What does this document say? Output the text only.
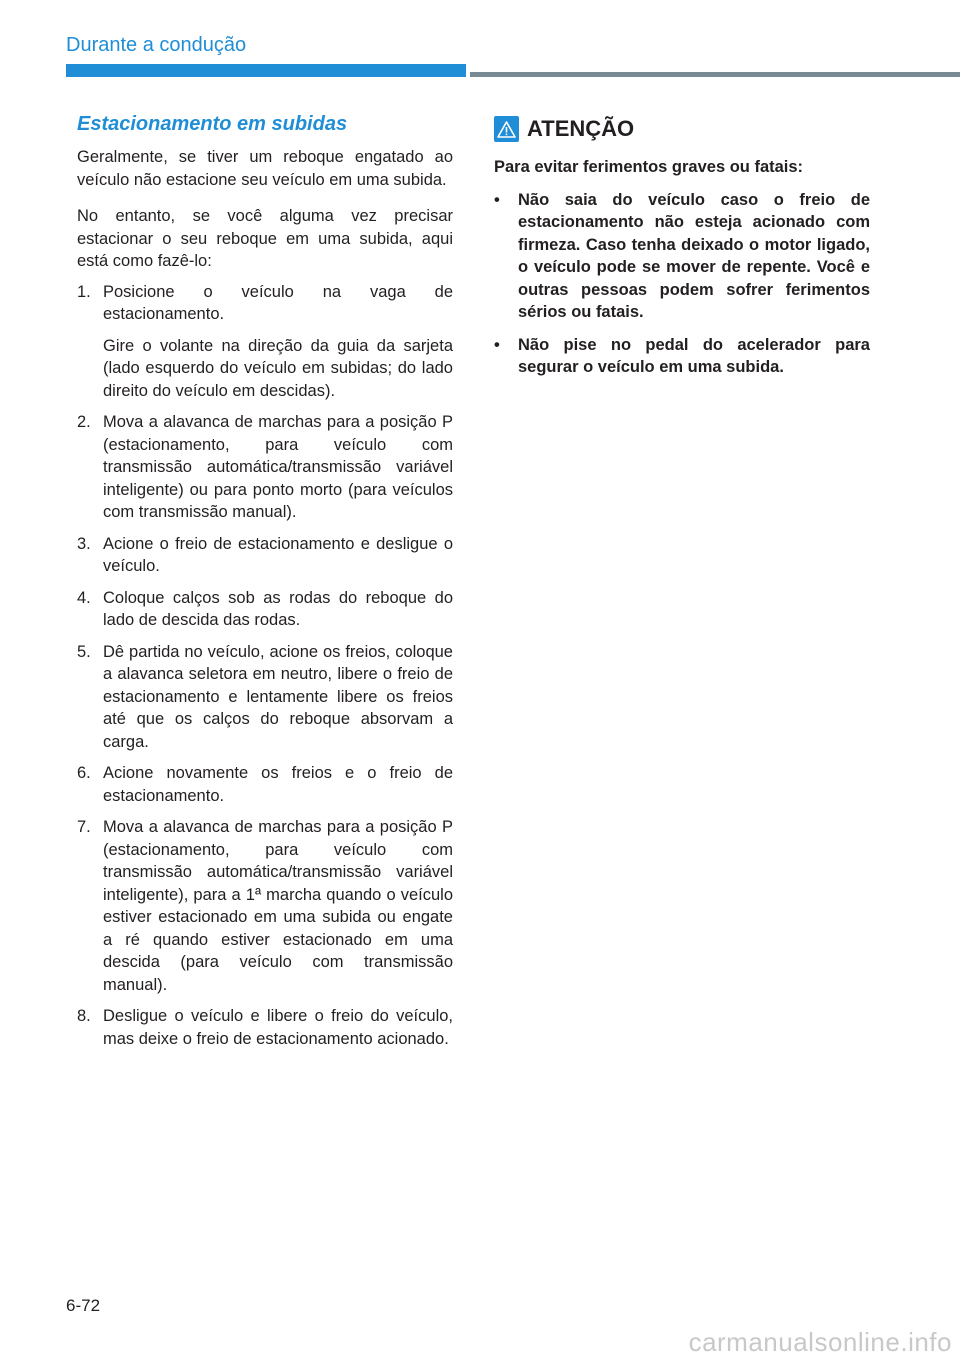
Durante a condução
Estacionamento em subidas

Geralmente, se tiver um reboque engatado ao veículo não estacione seu veículo em uma subida.

No entanto, se você alguma vez precisar estacionar o seu reboque em uma subida, aqui está como fazê-lo:

1. Posicione o veículo na vaga de estacionamento.
Gire o volante na direção da guia da sarjeta (lado esquerdo do veículo em subidas; do lado direito do veículo em descidas).
2. Mova a alavanca de marchas para a posição P (estacionamento, para veículo com transmissão automática/transmissão variável inteligente) ou para ponto morto (para veículos com transmissão manual).
3. Acione o freio de estacionamento e desligue o veículo.
4. Coloque calços sob as rodas do reboque do lado de descida das rodas.
5. Dê partida no veículo, acione os freios, coloque a alavanca seletora em neutro, libere o freio de estacionamento e lentamente libere os freios até que os calços do reboque absorvam a carga.
6. Acione novamente os freios e o freio de estacionamento.
7. Mova a alavanca de marchas para a posição P (estacionamento, para veículo com transmissão automática/transmissão variável inteligente), para a 1ª marcha quando o veículo estiver estacionado em uma subida ou engate a ré quando estiver estacionado em uma descida (para veículo com transmissão manual).
8. Desligue o veículo e libere o freio do veículo, mas deixe o freio de estacionamento acionado.
ATENÇÃO

Para evitar ferimentos graves ou fatais:

• Não saia do veículo caso o freio de estacionamento não esteja acionado com firmeza. Caso tenha deixado o motor ligado, o veículo pode se mover de repente. Você e outras pessoas podem sofrer ferimentos sérios ou fatais.
• Não pise no pedal do acelerador para segurar o veículo em uma subida.
6-72
carmanualsonline.info
